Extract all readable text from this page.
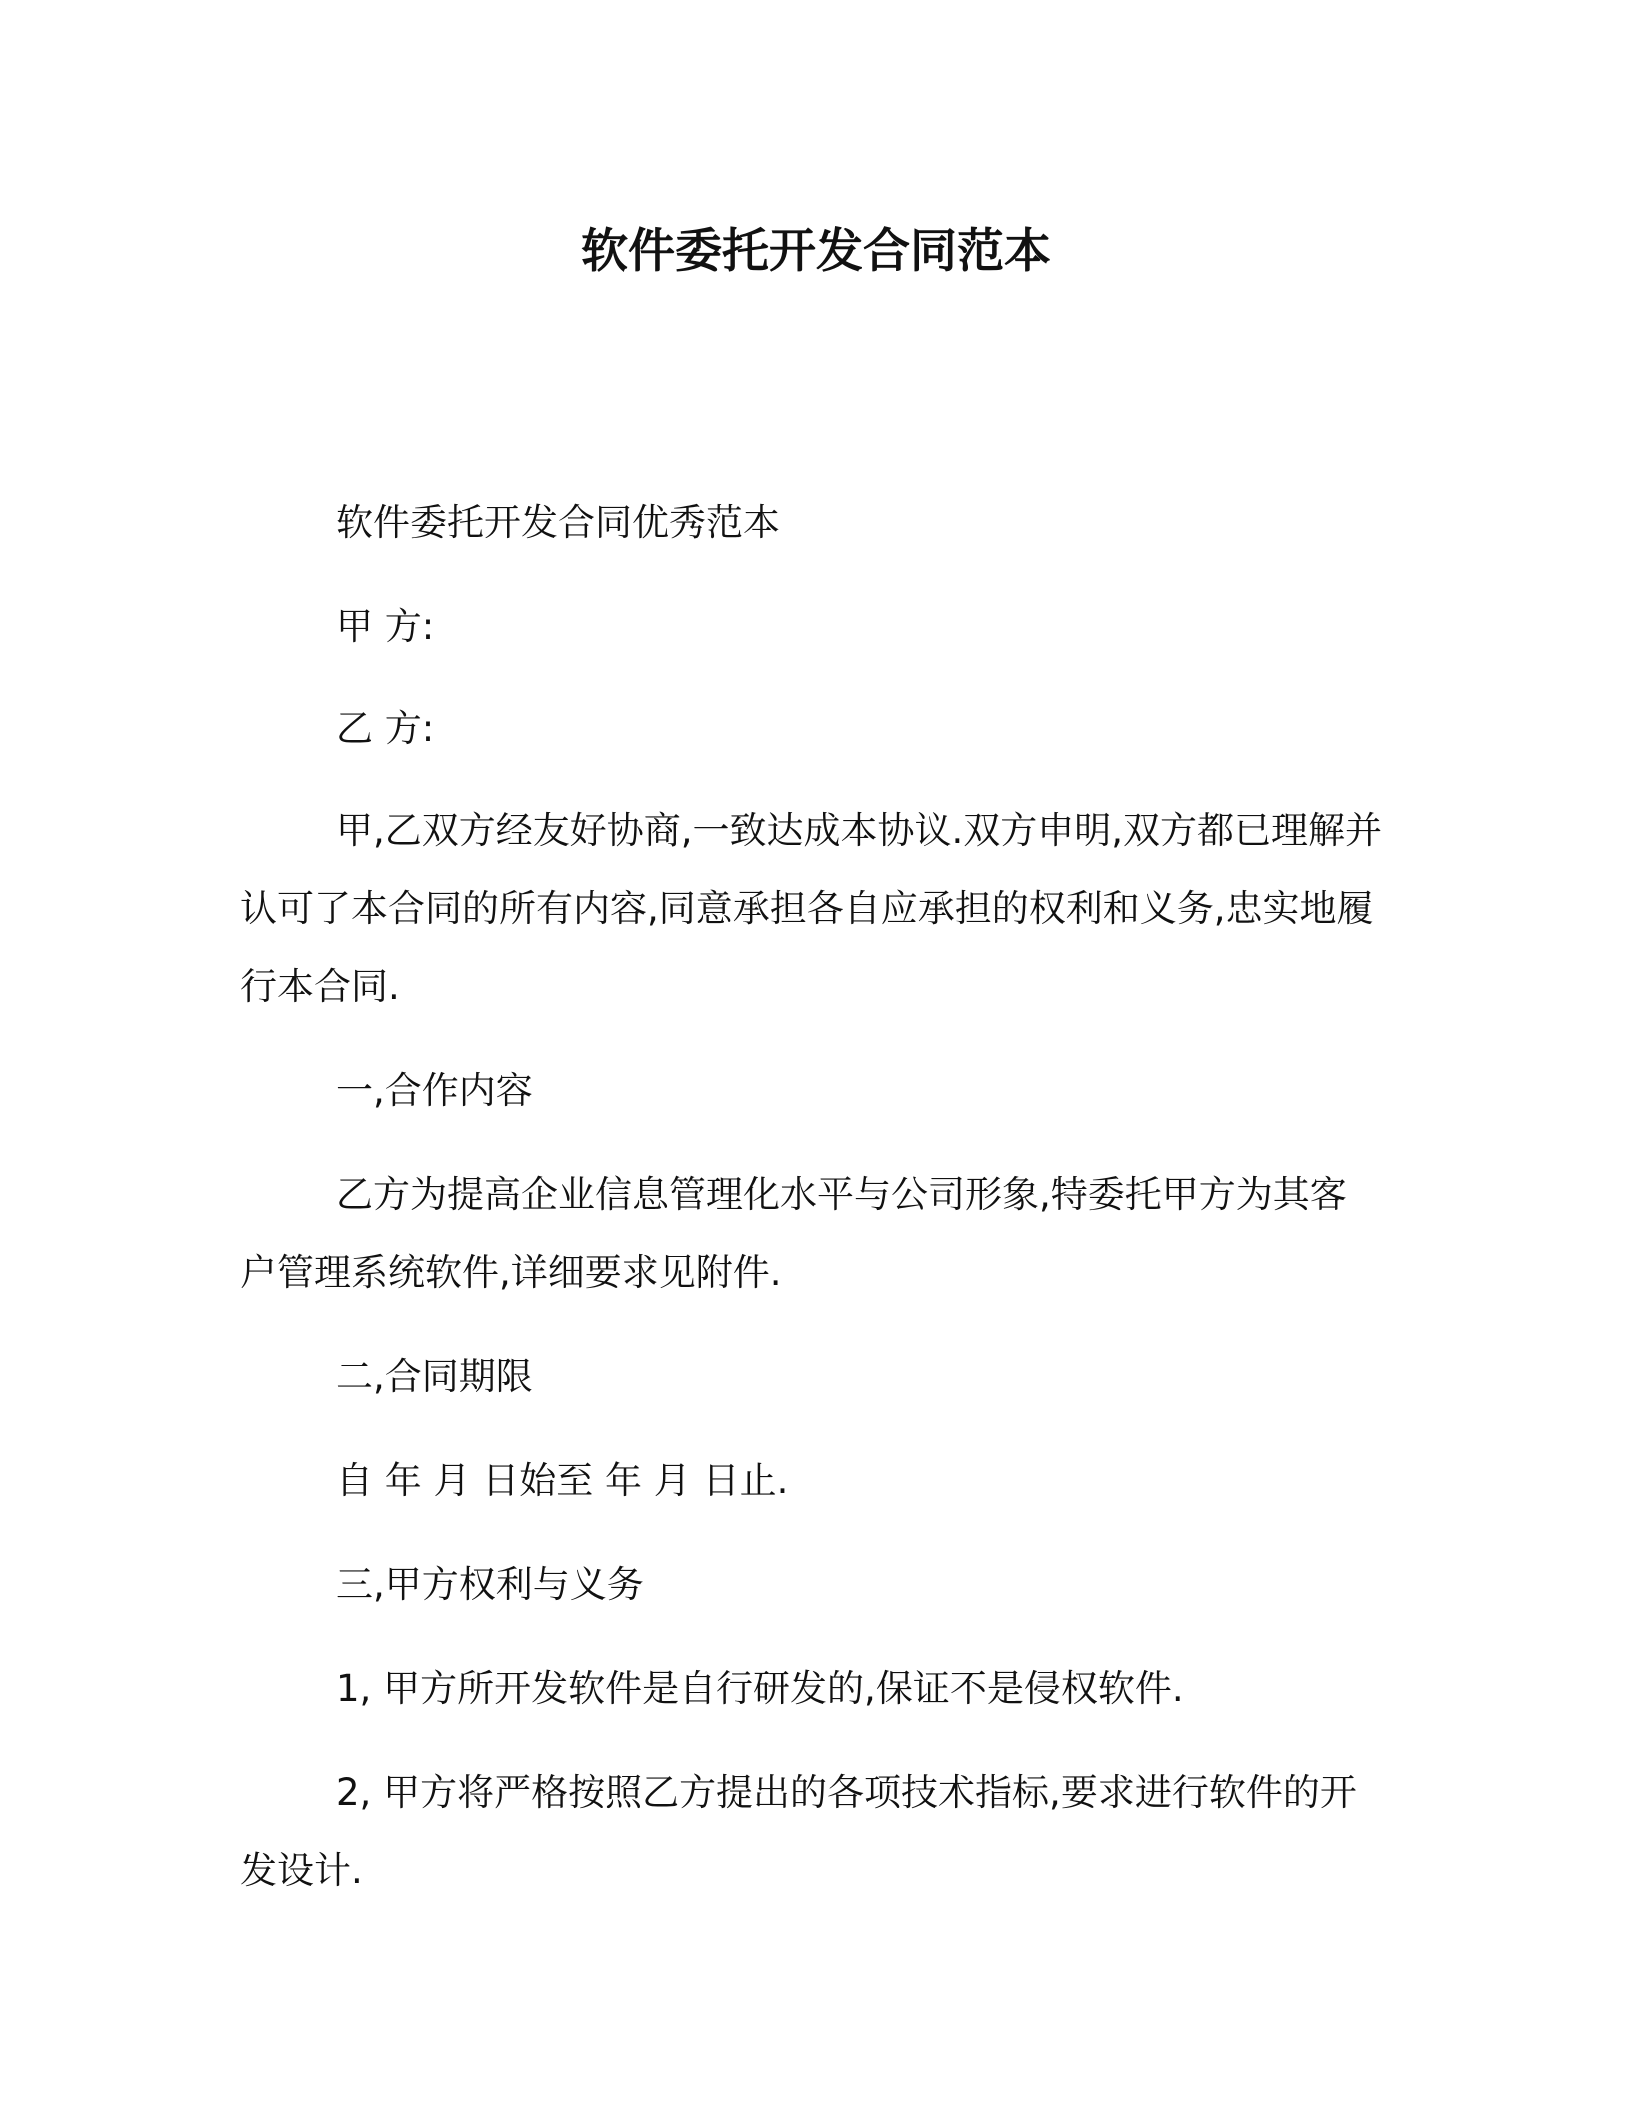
软件委托开发合同范本

软件委托开发合同优秀范本

甲 方:

乙 方:

甲,乙双方经友好协商,一致达成本协议.双方申明,双方都已理解并

认可了本合同的所有内容,同意承担各自应承担的权利和义务,忠实地履

行本合同.

一,合作内容

乙方为提高企业信息管理化水平与公司形象,特委托甲方为其客

户管理系统软件,详细要求见附件.

二,合同期限

自 年 月 日始至 年 月 日止.

三,甲方权利与义务

1, 甲方所开发软件是自行研发的,保证不是侵权软件.

2, 甲方将严格按照乙方提出的各项技术指标,要求进行软件的开

发设计.
